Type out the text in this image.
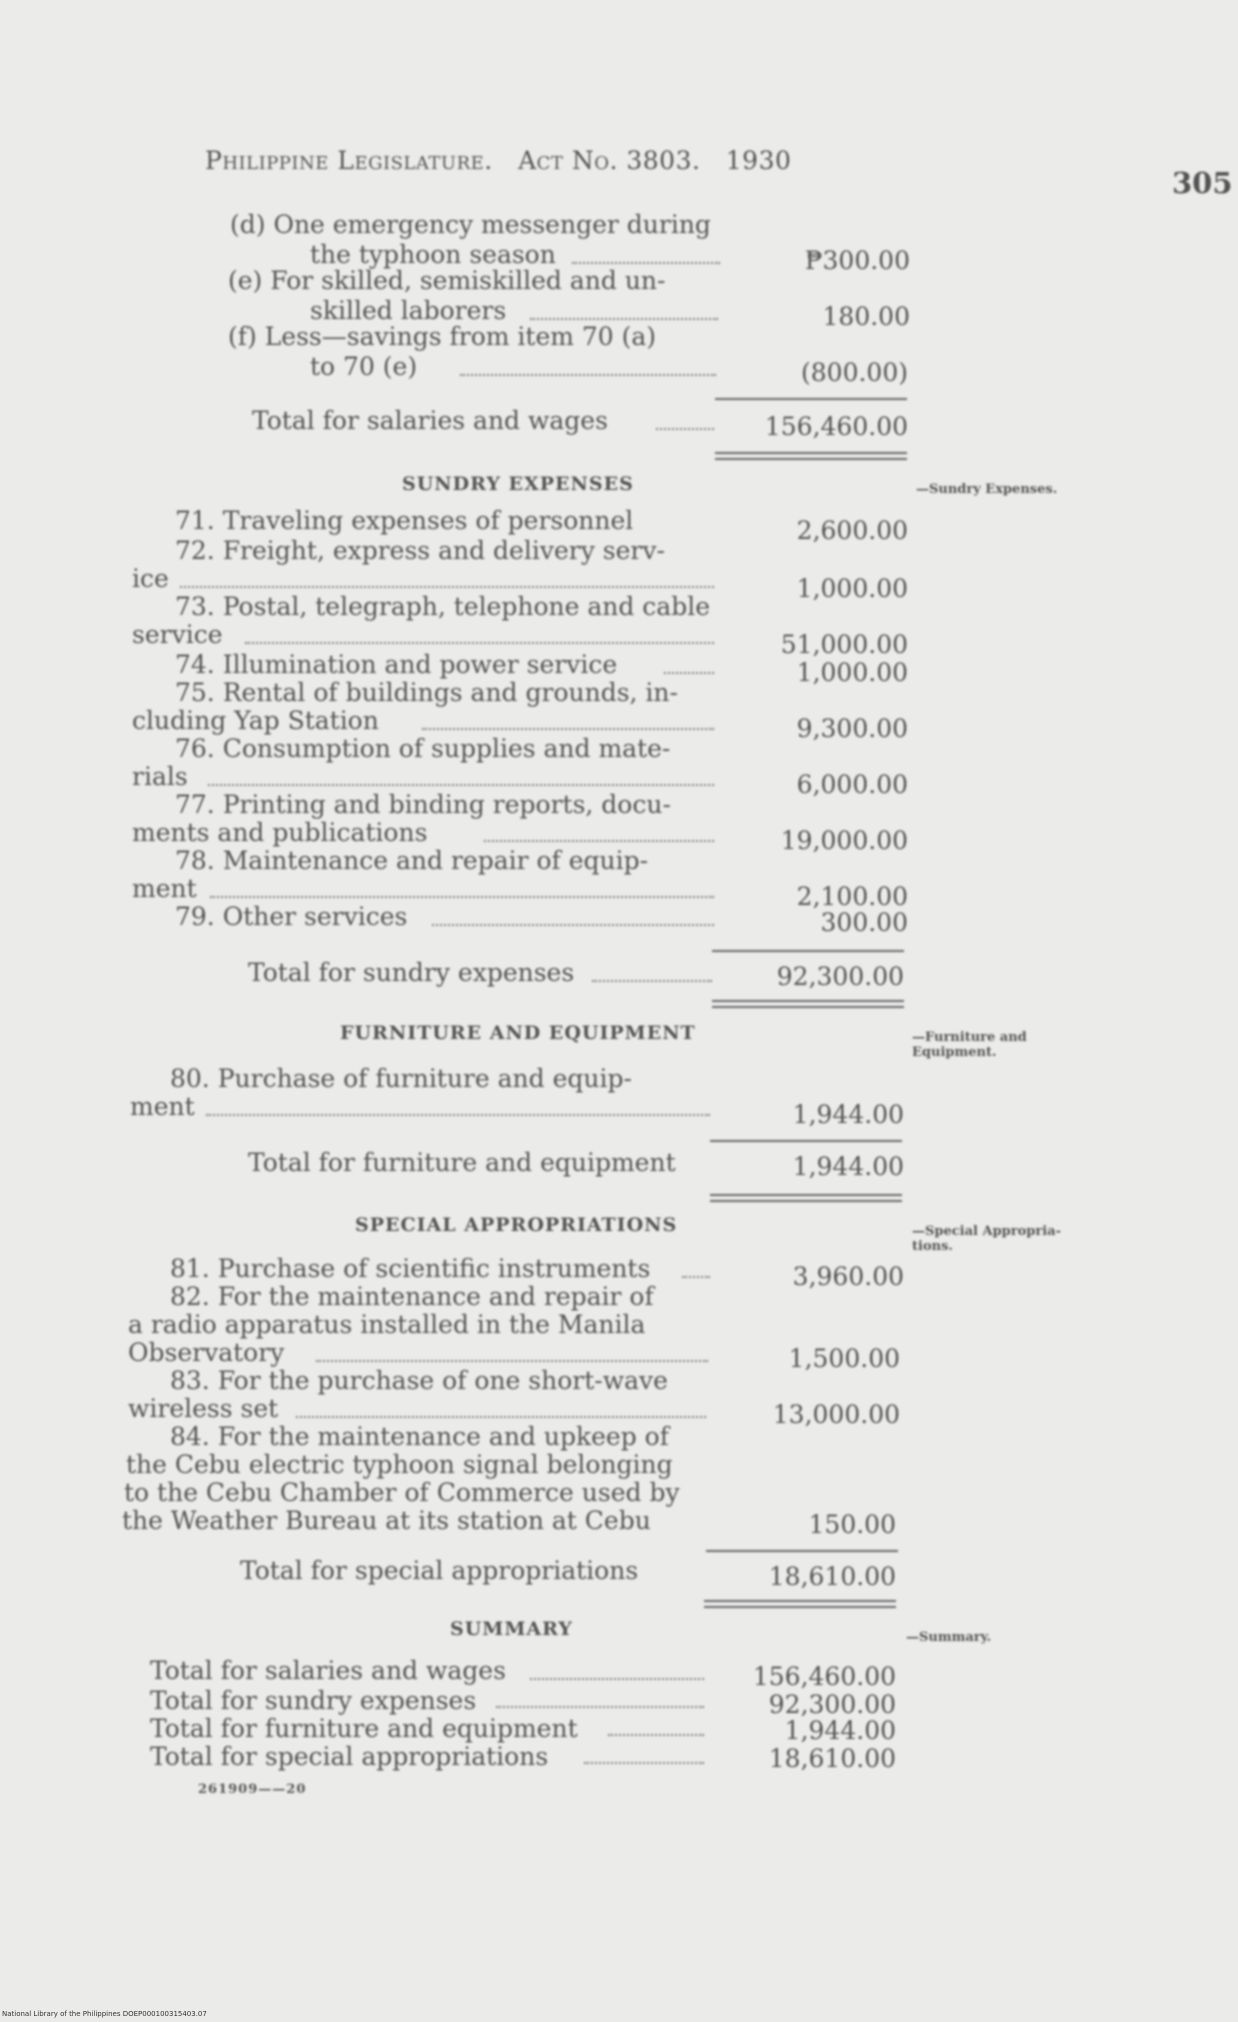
Philippine Legislature. Act No. 3803. 1930
305
(d) One emergency messenger during
the typhoon season	₱300.00
(e) For skilled, semiskilled and un-
skilled laborers	180.00
(f) Less—savings from item 70 (a)
to 70 (e)	(800.00)
Total for salaries and wages	156,460.00
SUNDRY EXPENSES	—Sundry Expenses.
71. Traveling expenses of personnel	2,600.00
72. Freight, express and delivery serv-
ice	1,000.00
73. Postal, telegraph, telephone and cable
service	51,000.00
74. Illumination and power service	1,000.00
75. Rental of buildings and grounds, in-
cluding Yap Station	9,300.00
76. Consumption of supplies and mate-
rials	6,000.00
77. Printing and binding reports, docu-
ments and publications	19,000.00
78. Maintenance and repair of equip-
ment	2,100.00
79. Other services	300.00
Total for sundry expenses	92,300.00
FURNITURE AND EQUIPMENT	—Furniture and
Equipment.
80. Purchase of furniture and equip-
ment	1,944.00
Total for furniture and equipment	1,944.00
SPECIAL APPROPRIATIONS	—Special Appropria-
tions.
81. Purchase of scientific instruments	3,960.00
82. For the maintenance and repair of
a radio apparatus installed in the Manila
Observatory	1,500.00
83. For the purchase of one short-wave
wireless set	13,000.00
84. For the maintenance and upkeep of
the Cebu electric typhoon signal belonging
to the Cebu Chamber of Commerce used by
the Weather Bureau at its station at Cebu	150.00
Total for special appropriations	18,610.00
SUMMARY	—Summary.
Total for salaries and wages	156,460.00
Total for sundry expenses	92,300.00
Total for furniture and equipment	1,944.00
Total for special appropriations	18,610.00
261909——20
National Library of the Philippines DOEP000100315403.07
